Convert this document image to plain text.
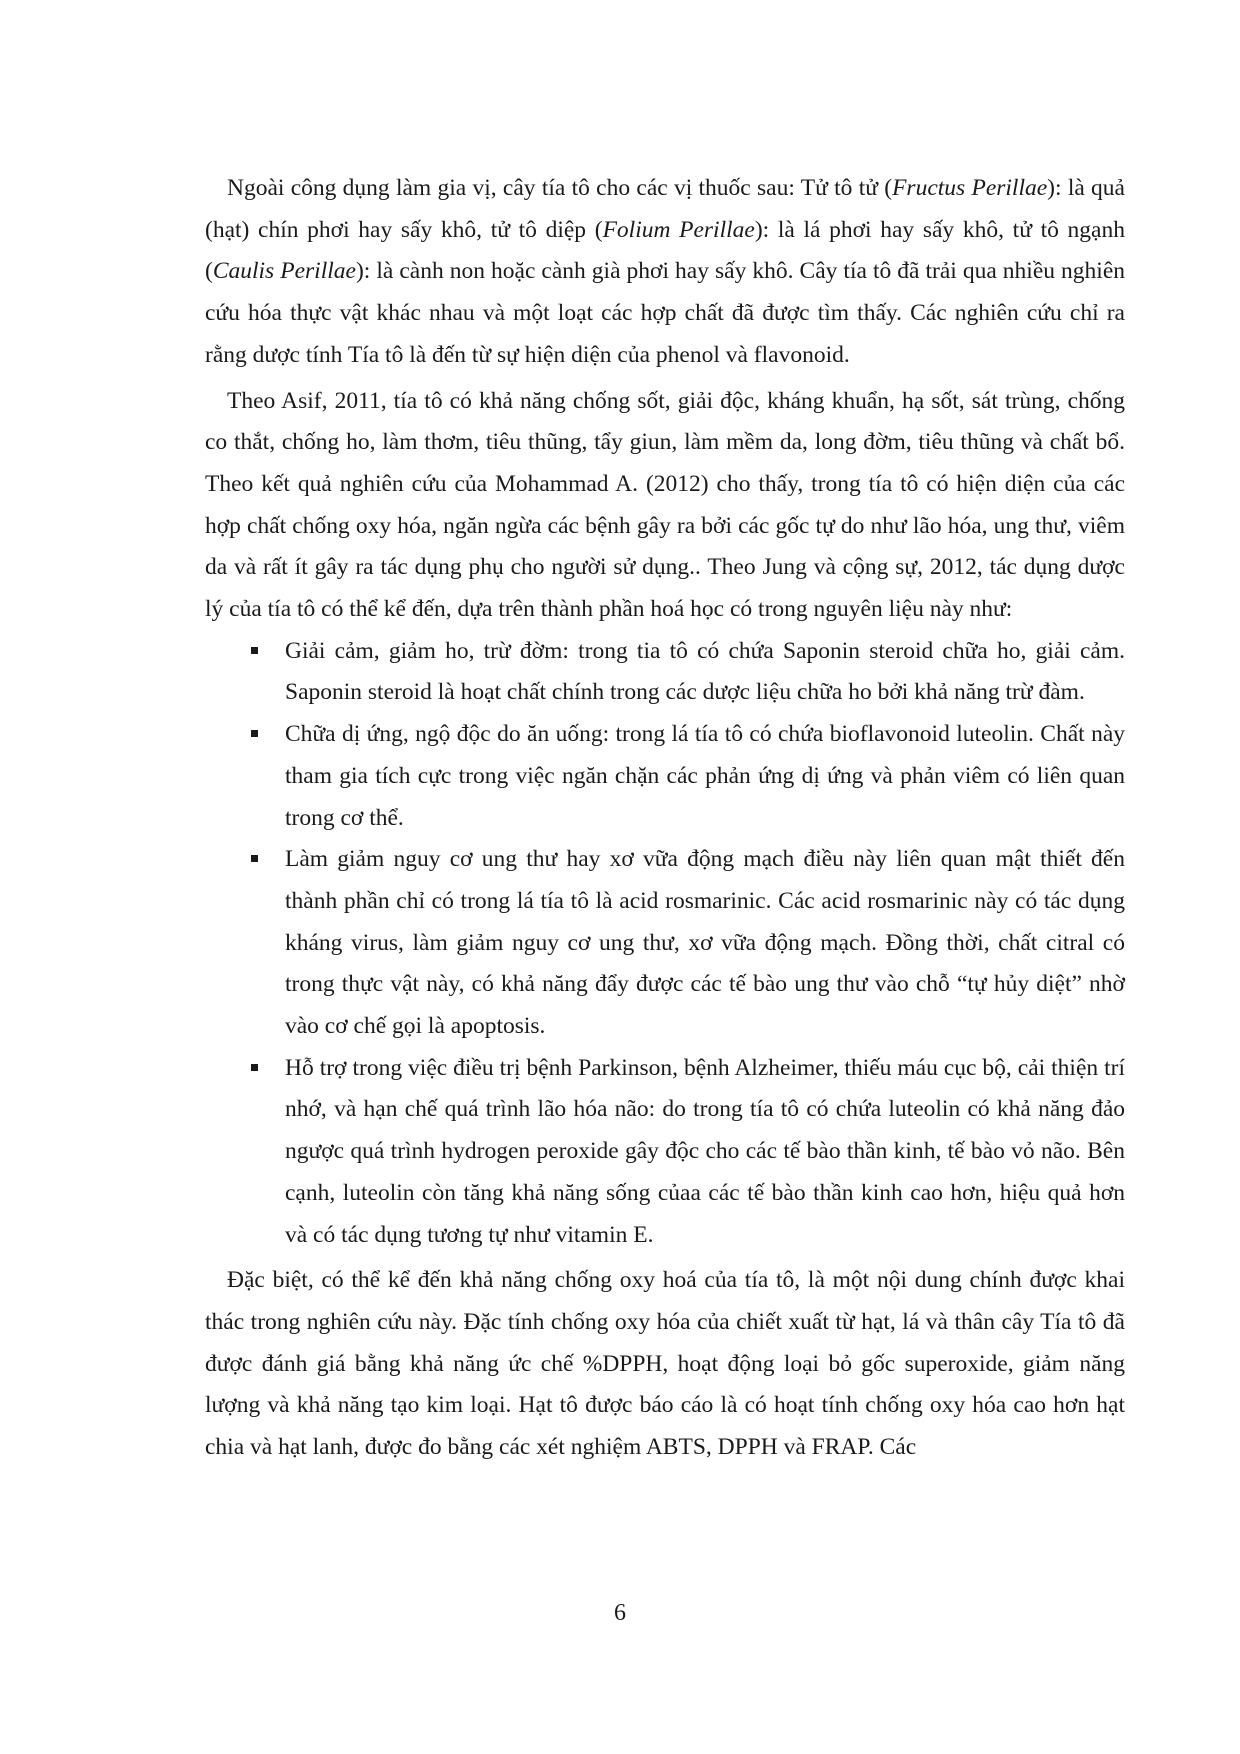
Ngoài công dụng làm gia vị, cây tía tô cho các vị thuốc sau: Tử tô tử (Fructus Perillae): là quả (hạt) chín phơi hay sấy khô, tử tô diệp (Folium Perillae): là lá phơi hay sấy khô, tử tô ngạnh (Caulis Perillae): là cành non hoặc cành già phơi hay sấy khô. Cây tía tô đã trải qua nhiều nghiên cứu hóa thực vật khác nhau và một loạt các hợp chất đã được tìm thấy. Các nghiên cứu chỉ ra rằng dược tính Tía tô là đến từ sự hiện diện của phenol và flavonoid.

Theo Asif, 2011, tía tô có khả năng chống sốt, giải độc, kháng khuẩn, hạ sốt, sát trùng, chống co thắt, chống ho, làm thơm, tiêu thũng, tẩy giun, làm mềm da, long đờm, tiêu thũng và chất bổ. Theo kết quả nghiên cứu của Mohammad A. (2012) cho thấy, trong tía tô có hiện diện của các hợp chất chống oxy hóa, ngăn ngừa các bệnh gây ra bởi các gốc tự do như lão hóa, ung thư, viêm da và rất ít gây ra tác dụng phụ cho người sử dụng.. Theo Jung và cộng sự, 2012, tác dụng dược lý của tía tô có thể kể đến, dựa trên thành phần hoá học có trong nguyên liệu này như:

Giải cảm, giảm ho, trừ đờm: trong tia tô có chứa Saponin steroid chữa ho, giải cảm. Saponin steroid là hoạt chất chính trong các dược liệu chữa ho bởi khả năng trừ đàm.
Chữa dị ứng, ngộ độc do ăn uống: trong lá tía tô có chứa bioflavonoid luteolin. Chất này tham gia tích cực trong việc ngăn chặn các phản ứng dị ứng và phản viêm có liên quan trong cơ thể.
Làm giảm nguy cơ ung thư hay xơ vữa động mạch điều này liên quan mật thiết đến thành phần chỉ có trong lá tía tô là acid rosmarinic. Các acid rosmarinic này có tác dụng kháng virus, làm giảm nguy cơ ung thư, xơ vữa động mạch. Đồng thời, chất citral có trong thực vật này, có khả năng đẩy được các tế bào ung thư vào chỗ “tự hủy diệt” nhờ vào cơ chế gọi là apoptosis.
Hỗ trợ trong việc điều trị bệnh Parkinson, bệnh Alzheimer, thiếu máu cục bộ, cải thiện trí nhớ, và hạn chế quá trình lão hóa não: do trong tía tô có chứa luteolin có khả năng đảo ngược quá trình hydrogen peroxide gây độc cho các tế bào thần kinh, tế bào vỏ não. Bên cạnh, luteolin còn tăng khả năng sống củaa các tế bào thần kinh cao hơn, hiệu quả hơn và có tác dụng tương tự như vitamin E.

Đặc biệt, có thể kể đến khả năng chống oxy hoá của tía tô, là một nội dung chính được khai thác trong nghiên cứu này. Đặc tính chống oxy hóa của chiết xuất từ hạt, lá và thân cây Tía tô đã được đánh giá bằng khả năng ức chế %DPPH, hoạt động loại bỏ gốc superoxide, giảm năng lượng và khả năng tạo kim loại. Hạt tô được báo cáo là có hoạt tính chống oxy hóa cao hơn hạt chia và hạt lanh, được đo bằng các xét nghiệm ABTS, DPPH và FRAP. Các

6
